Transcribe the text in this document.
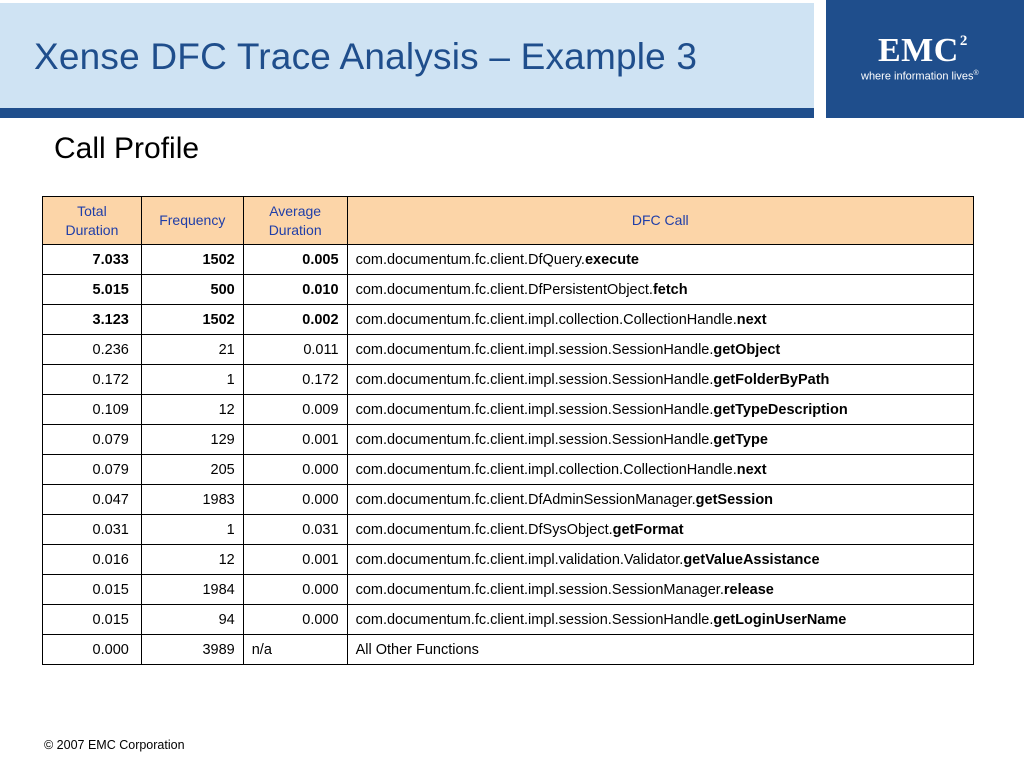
Xense DFC Trace Analysis – Example 3	EMC$^2$
where information lives®
Call Profile
Total Duration	Frequency	Average Duration	DFC Call
7.033	1502	0.005	com.documentum.fc.client.DfQuery.execute
5.015	500	0.010	com.documentum.fc.client.DfPersistentObject.fetch
3.123	1502	0.002	com.documentum.fc.client.impl.collection.CollectionHandle.next
0.236	21	0.011	com.documentum.fc.client.impl.session.SessionHandle.getObject
0.172	1	0.172	com.documentum.fc.client.impl.session.SessionHandle.getFolderByPath
0.109	12	0.009	com.documentum.fc.client.impl.session.SessionHandle.getTypeDescription
0.079	129	0.001	com.documentum.fc.client.impl.session.SessionHandle.getType
0.079	205	0.000	com.documentum.fc.client.impl.collection.CollectionHandle.next
0.047	1983	0.000	com.documentum.fc.client.DfAdminSessionManager.getSession
0.031	1	0.031	com.documentum.fc.client.DfSysObject.getFormat
0.016	12	0.001	com.documentum.fc.client.impl.validation.Validator.getValueAssistance
0.015	1984	0.000	com.documentum.fc.client.impl.session.SessionManager.release
0.015	94	0.000	com.documentum.fc.client.impl.session.SessionHandle.getLoginUserName
0.000	3989	n/a	All Other Functions
© 2007 EMC Corporation
